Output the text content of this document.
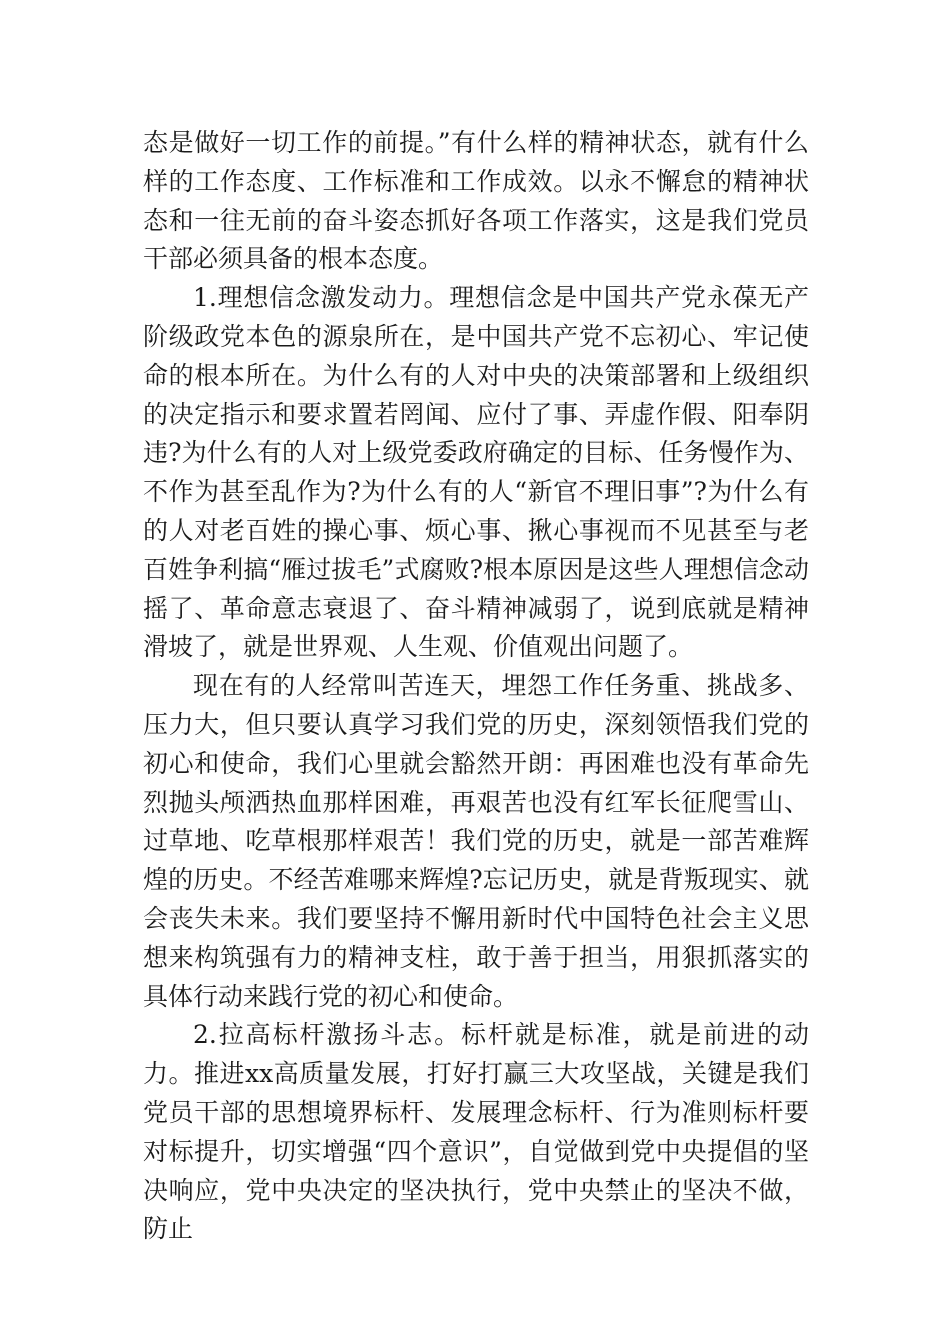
态是做好一切工作的前提。”有什么样的精神状态，就有什么样的工作态度、工作标准和工作成效。以永不懈怠的精神状态和一往无前的奋斗姿态抓好各项工作落实，这是我们党员干部必须具备的根本态度。

1.理想信念激发动力。理想信念是中国共产党永葆无产阶级政党本色的源泉所在，是中国共产党不忘初心、牢记使命的根本所在。为什么有的人对中央的决策部署和上级组织的决定指示和要求置若罔闻、应付了事、弄虚作假、阳奉阴违?为什么有的人对上级党委政府确定的目标、任务慢作为、不作为甚至乱作为?为什么有的人“新官不理旧事”?为什么有的人对老百姓的操心事、烦心事、揪心事视而不见甚至与老百姓争利搞“雁过拔毛”式腐败?根本原因是这些人理想信念动摇了、革命意志衰退了、奋斗精神减弱了，说到底就是精神滑坡了，就是世界观、人生观、价值观出问题了。

现在有的人经常叫苦连天，埋怨工作任务重、挑战多、压力大，但只要认真学习我们党的历史，深刻领悟我们党的初心和使命，我们心里就会豁然开朗：再困难也没有革命先烈抛头颅洒热血那样困难，再艰苦也没有红军长征爬雪山、过草地、吃草根那样艰苦！我们党的历史，就是一部苦难辉煌的历史。不经苦难哪来辉煌?忘记历史，就是背叛现实、就会丧失未来。我们要坚持不懈用新时代中国特色社会主义思想来构筑强有力的精神支柱，敢于善于担当，用狠抓落实的具体行动来践行党的初心和使命。

2.拉高标杆激扬斗志。标杆就是标准，就是前进的动力。推进xx高质量发展，打好打赢三大攻坚战，关键是我们党员干部的思想境界标杆、发展理念标杆、行为准则标杆要对标提升，切实增强“四个意识”，自觉做到党中央提倡的坚决响应，党中央决定的坚决执行，党中央禁止的坚决不做，防止
